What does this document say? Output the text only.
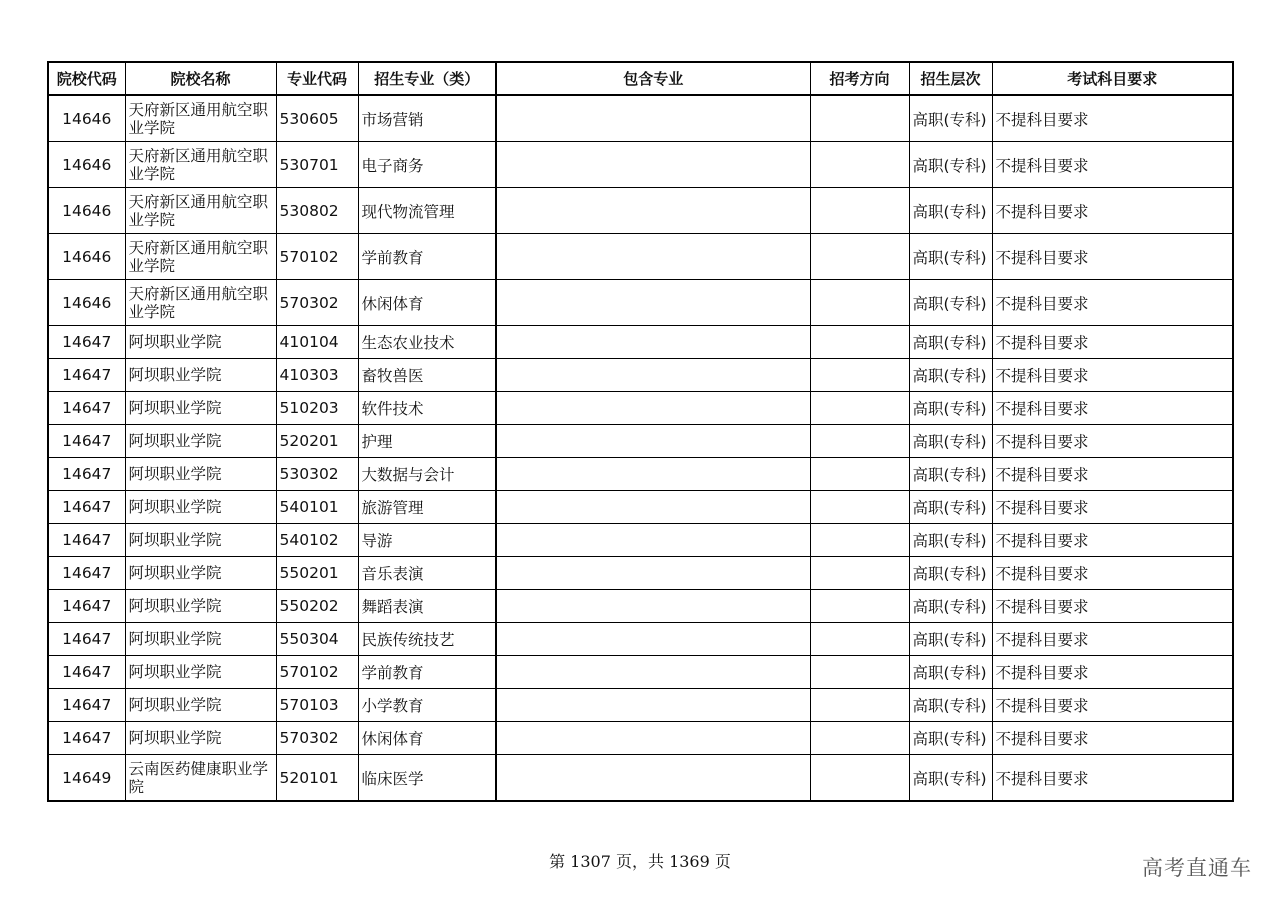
院校代码	院校名称	专业代码	招生专业（类）	包含专业	招考方向	招生层次	考试科目要求
14646	天府新区通用航空职业学院	530605	市场营销			高职(专科)	不提科目要求
14646	天府新区通用航空职业学院	530701	电子商务			高职(专科)	不提科目要求
14646	天府新区通用航空职业学院	530802	现代物流管理			高职(专科)	不提科目要求
14646	天府新区通用航空职业学院	570102	学前教育			高职(专科)	不提科目要求
14646	天府新区通用航空职业学院	570302	休闲体育			高职(专科)	不提科目要求
14647	阿坝职业学院	410104	生态农业技术			高职(专科)	不提科目要求
14647	阿坝职业学院	410303	畜牧兽医			高职(专科)	不提科目要求
14647	阿坝职业学院	510203	软件技术			高职(专科)	不提科目要求
14647	阿坝职业学院	520201	护理			高职(专科)	不提科目要求
14647	阿坝职业学院	530302	大数据与会计			高职(专科)	不提科目要求
14647	阿坝职业学院	540101	旅游管理			高职(专科)	不提科目要求
14647	阿坝职业学院	540102	导游			高职(专科)	不提科目要求
14647	阿坝职业学院	550201	音乐表演			高职(专科)	不提科目要求
14647	阿坝职业学院	550202	舞蹈表演			高职(专科)	不提科目要求
14647	阿坝职业学院	550304	民族传统技艺			高职(专科)	不提科目要求
14647	阿坝职业学院	570102	学前教育			高职(专科)	不提科目要求
14647	阿坝职业学院	570103	小学教育			高职(专科)	不提科目要求
14647	阿坝职业学院	570302	休闲体育			高职(专科)	不提科目要求
14649	云南医药健康职业学院	520101	临床医学			高职(专科)	不提科目要求
第 1307 页，共 1369 页	高考直通车
